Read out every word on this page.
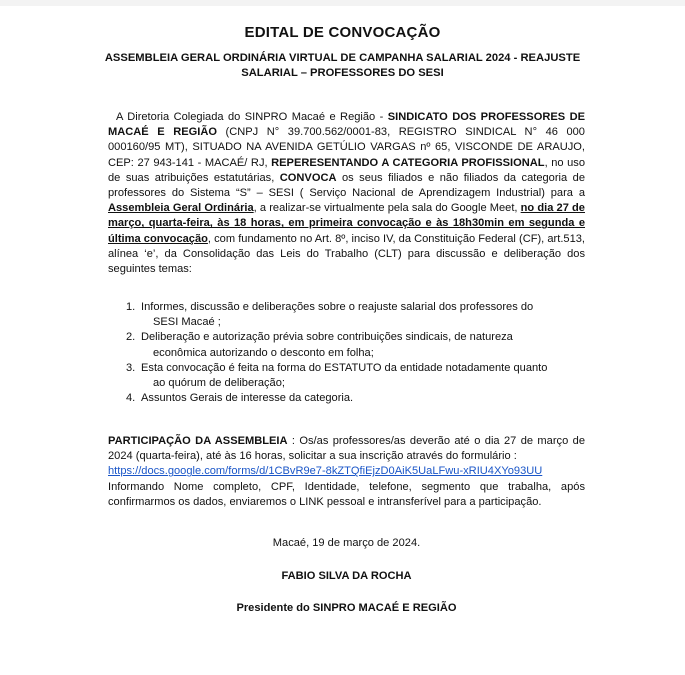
EDITAL DE CONVOCAÇÃO
ASSEMBLEIA GERAL ORDINÁRIA VIRTUAL DE CAMPANHA SALARIAL 2024 - REAJUSTE
SALARIAL – PROFESSORES DO SESI
A Diretoria Colegiada do SINPRO Macaé e Região - SINDICATO DOS PROFESSORES DE MACAÉ E REGIÃO (CNPJ N° 39.700.562/0001-83, REGISTRO SINDICAL N° 46 000 000160/95 MT), SITUADO NA AVENIDA GETÚLIO VARGAS nº 65, VISCONDE DE ARAUJO, CEP: 27 943-141 - MACAÉ/ RJ, REPERESENTANDO A CATEGORIA PROFISSIONAL, no uso de suas atribuições estatutárias, CONVOCA os seus filiados e não filiados da categoria de professores do Sistema “S” – SESI ( Serviço Nacional de Aprendizagem Industrial) para a Assembleia Geral Ordinária, a realizar-se virtualmente pela sala do Google Meet, no dia 27 de março, quarta-feira, às 18 horas, em primeira convocação e às 18h30min em segunda e última convocação, com fundamento no Art. 8º, inciso IV, da Constituição Federal (CF), art.513, alínea ‘e’, da Consolidação das Leis do Trabalho (CLT) para discussão e deliberação dos seguintes temas:
1. Informes, discussão e deliberações sobre o reajuste salarial dos professores do
SESI Macaé ;
2. Deliberação e autorização prévia sobre contribuições sindicais, de natureza
econômica autorizando o desconto em folha;
3. Esta convocação é feita na forma do ESTATUTO da entidade notadamente quanto
ao quórum de deliberação;
4. Assuntos Gerais de interesse da categoria.
PARTICIPAÇÃO DA ASSEMBLEIA : Os/as professores/as deverão até o dia 27 de março de 2024 (quarta-feira), até às 16 horas, solicitar a sua inscrição através do formulário :
https://docs.google.com/forms/d/1CBvR9e7-8kZTQfiEjzD0AiK5UaLFwu-xRIU4XYo93UU
Informando Nome completo, CPF, Identidade, telefone, segmento que trabalha, após confirmarmos os dados, enviaremos o LINK pessoal e intransferível para a participação.
Macaé, 19 de março de 2024.
FABIO SILVA DA ROCHA
Presidente do SINPRO MACAÉ E REGIÃO
